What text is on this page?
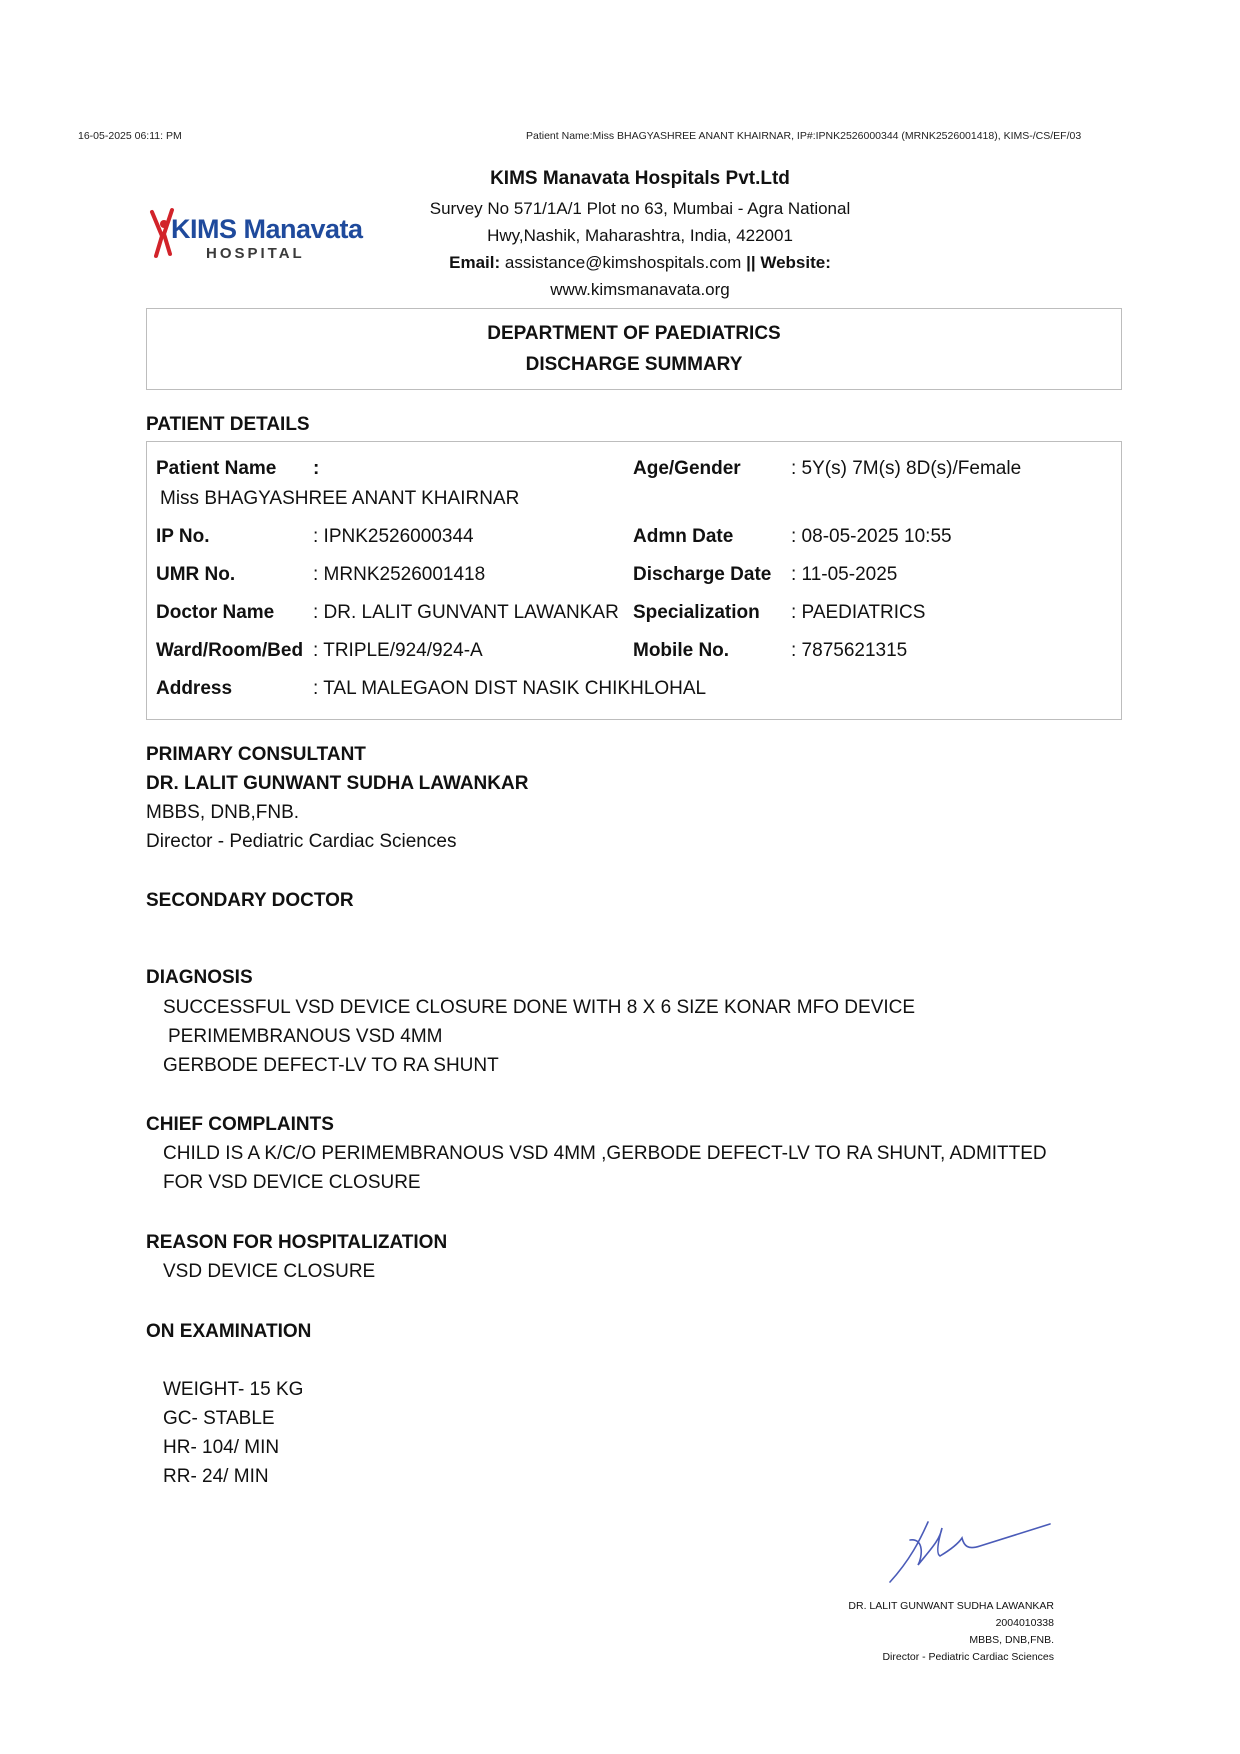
16-05-2025 06:11: PM	Patient Name:Miss BHAGYASHREE ANANT KHAIRNAR, IP#:IPNK2526000344 (MRNK2526001418), KIMS-/CS/EF/03
KIMS Manavata
HOSPITAL
KIMS Manavata Hospitals Pvt.Ltd
Survey No 571/1A/1 Plot no 63, Mumbai - Agra National
Hwy,Nashik, Maharashtra, India, 422001
Email: assistance@kimshospitals.com || Website:
www.kimsmanavata.org
DEPARTMENT OF PAEDIATRICS
DISCHARGE SUMMARY
PATIENT DETAILS
Patient Name :
Miss BHAGYASHREE ANANT KHAIRNAR
Age/Gender	: 5Y(s) 7M(s) 8D(s)/Female
IP No.	: IPNK2526000344	Admn Date	: 08-05-2025 10:55
UMR No.	: MRNK2526001418	Discharge Date : 11-05-2025
Doctor Name : DR. LALIT GUNVANT LAWANKAR Specialization : PAEDIATRICS
Ward/Room/Bed : TRIPLE/924/924-A	Mobile No.	: 7875621315
Address	: TAL MALEGAON DIST NASIK CHIKHLOHAL
PRIMARY CONSULTANT
DR. LALIT GUNWANT SUDHA LAWANKAR
MBBS, DNB,FNB.
Director - Pediatric Cardiac Sciences
SECONDARY DOCTOR
DIAGNOSIS
SUCCESSFUL VSD DEVICE CLOSURE DONE WITH 8 X 6 SIZE KONAR MFO DEVICE
PERIMEMBRANOUS VSD 4MM
GERBODE DEFECT-LV TO RA SHUNT
CHIEF COMPLAINTS
CHILD IS A K/C/O PERIMEMBRANOUS VSD 4MM ,GERBODE DEFECT-LV TO RA SHUNT, ADMITTED
FOR VSD DEVICE CLOSURE
REASON FOR HOSPITALIZATION
VSD DEVICE CLOSURE
ON EXAMINATION
WEIGHT- 15 KG
GC- STABLE
HR- 104/ MIN
RR- 24/ MIN
DR. LALIT GUNWANT SUDHA LAWANKAR
2004010338
MBBS, DNB,FNB.
Director - Pediatric Cardiac Sciences
